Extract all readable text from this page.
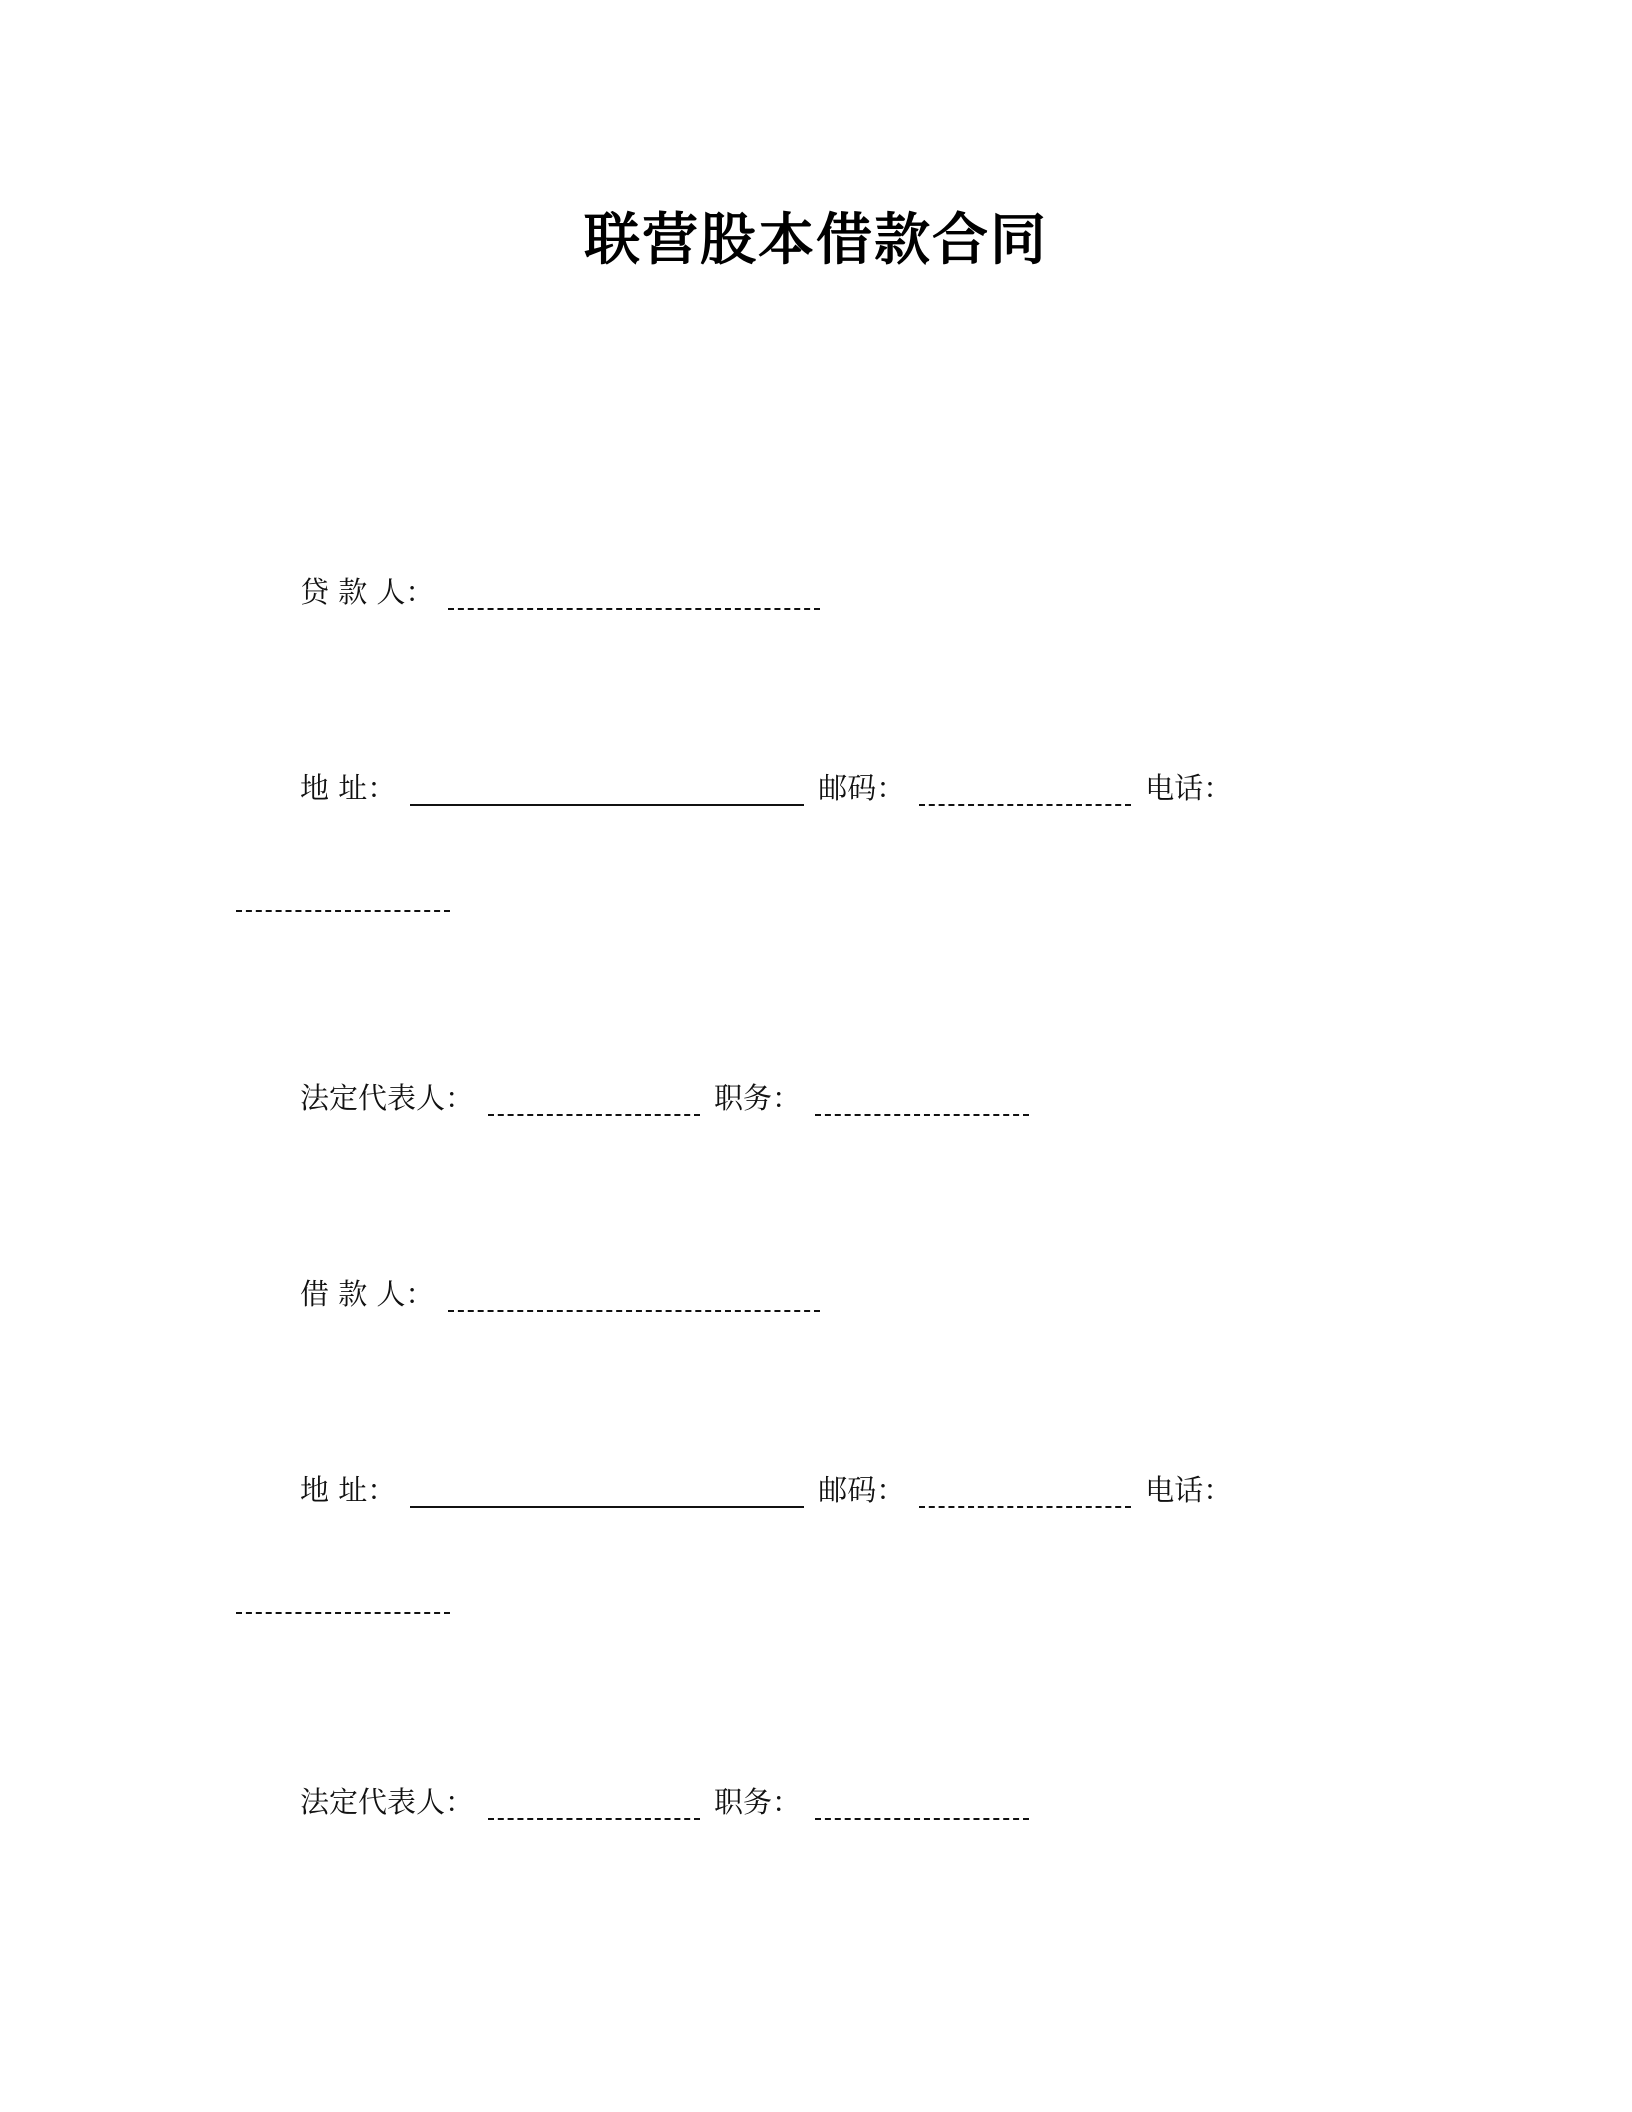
联营股本借款合同
贷 款 人：
地 址：	邮码：	电话：
法定代表人：	职务：
借 款 人：
地 址：	邮码：	电话：
法定代表人：	职务：
